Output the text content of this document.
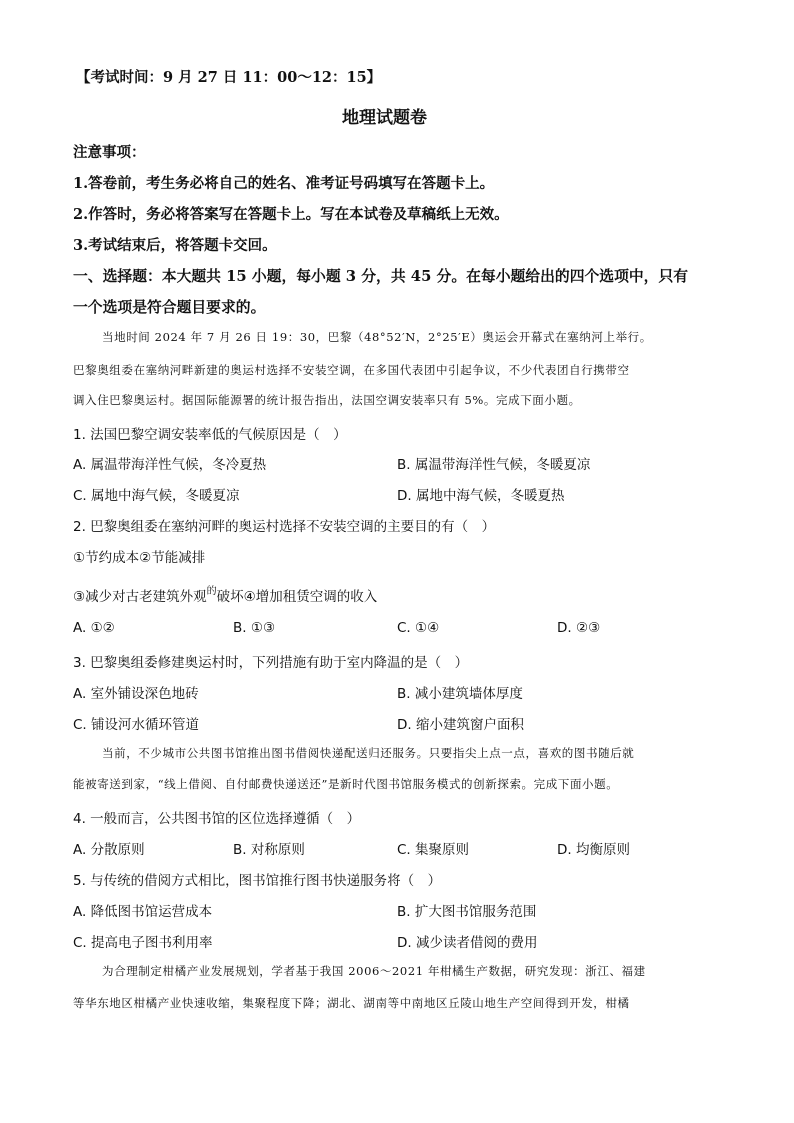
【考试时间：9 月 27 日 11：00～12：15】
地理试题卷
注意事项：
1.答卷前，考生务必将自己的姓名、准考证号码填写在答题卡上。
2.作答时，务必将答案写在答题卡上。写在本试卷及草稿纸上无效。
3.考试结束后，将答题卡交回。
一、选择题：本大题共 15 小题，每小题 3 分，共 45 分。在每小题给出的四个选项中，只有
一个选项是符合题目要求的。
当地时间 2024 年 7 月 26 日 19：30，巴黎（48°52′N，2°25′E）奥运会开幕式在塞纳河上举行。
巴黎奥组委在塞纳河畔新建的奥运村选择不安装空调，在多国代表团中引起争议，不少代表团自行携带空
调入住巴黎奥运村。据国际能源署的统计报告指出，法国空调安装率只有 5%。完成下面小题。
1. 法国巴黎空调安装率低的气候原因是（　）
A. 属温带海洋性气候，冬冷夏热	B. 属温带海洋性气候，冬暖夏凉
C. 属地中海气候，冬暖夏凉	D. 属地中海气候，冬暖夏热
2. 巴黎奥组委在塞纳河畔的奥运村选择不安装空调的主要目的有（　）
①节约成本②节能减排
③减少对古老建筑外观$^的$破坏④增加租赁空调的收入
A. ①②	B. ①③	C. ①④	D. ②③
3. 巴黎奥组委修建奥运村时，下列措施有助于室内降温的是（　）
A. 室外铺设深色地砖	B. 减小建筑墙体厚度
C. 铺设河水循环管道	D. 缩小建筑窗户面积
当前，不少城市公共图书馆推出图书借阅快递配送归还服务。只要指尖上点一点，喜欢的图书随后就
能被寄送到家，“线上借阅、自付邮费快递送还”是新时代图书馆服务模式的创新探索。完成下面小题。
4. 一般而言，公共图书馆的区位选择遵循（　）
A. 分散原则	B. 对称原则	C. 集聚原则	D. 均衡原则
5. 与传统的借阅方式相比，图书馆推行图书快递服务将（　）
A. 降低图书馆运营成本	B. 扩大图书馆服务范围
C. 提高电子图书利用率	D. 减少读者借阅的费用
为合理制定柑橘产业发展规划，学者基于我国 2006～2021 年柑橘生产数据，研究发现：浙江、福建
等华东地区柑橘产业快速收缩，集聚程度下降；湖北、湖南等中南地区丘陵山地生产空间得到开发，柑橘
